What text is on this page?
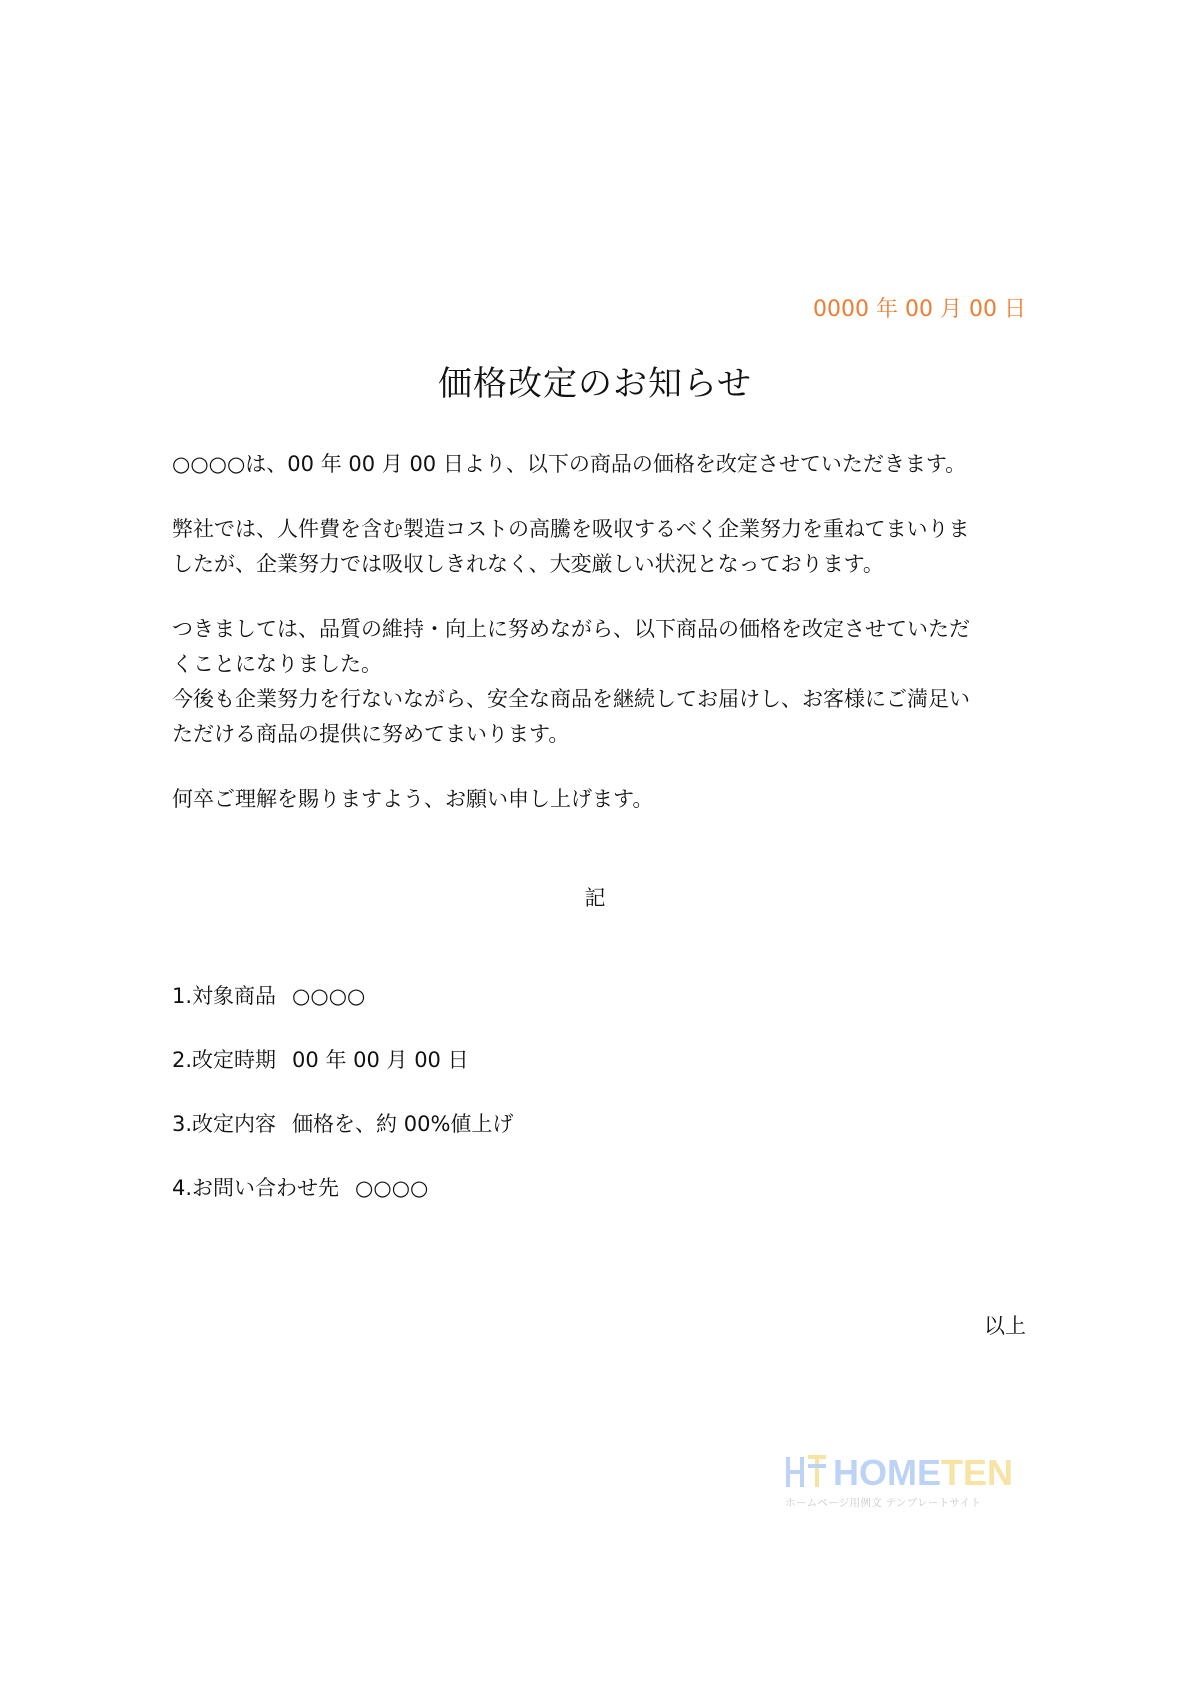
0000 年 00 月 00 日
価格改定のお知らせ

○○○○は、00 年 00 月 00 日より、以下の商品の価格を改定させていただきます。

弊社では、人件費を含む製造コストの高騰を吸収するべく企業努力を重ねてまいりま
したが、企業努力では吸収しきれなく、大変厳しい状況となっております。

つきましては、品質の維持・向上に努めながら、以下商品の価格を改定させていただ
くことになりました。
今後も企業努力を行ないながら、安全な商品を継続してお届けし、お客様にご満足い
ただける商品の提供に努めてまいります。

何卒ご理解を賜りますよう、お願い申し上げます。

記
1.対象商品 ○○○○
2.改定時期 00 年 00 月 00 日
3.改定内容 価格を、約 00%値上げ
4.お問い合わせ先 ○○○○
以上
HOMETEN
ホームページ用例文 テンプレートサイト
